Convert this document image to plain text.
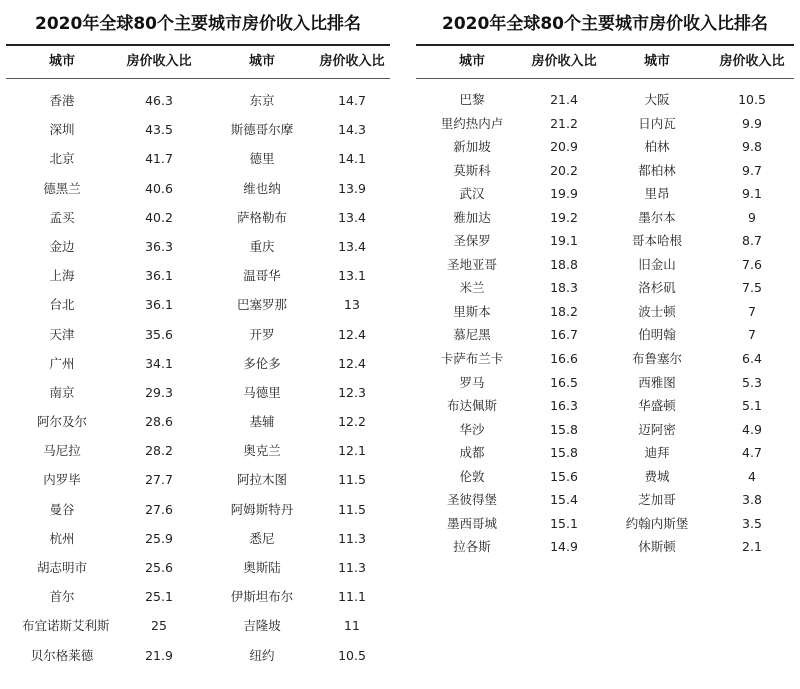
2020年全球80个主要城市房价收入比排名
城市	房价收入比	城市	房价收入比
香港	46.3	东京	14.7
深圳	43.5	斯德哥尔摩	14.3
北京	41.7	德里	14.1
德黑兰	40.6	维也纳	13.9
孟买	40.2	萨格勒布	13.4
金边	36.3	重庆	13.4
上海	36.1	温哥华	13.1
台北	36.1	巴塞罗那	13
天津	35.6	开罗	12.4
广州	34.1	多伦多	12.4
南京	29.3	马德里	12.3
阿尔及尔	28.6	基辅	12.2
马尼拉	28.2	奥克兰	12.1
内罗毕	27.7	阿拉木图	11.5
曼谷	27.6	阿姆斯特丹	11.5
杭州	25.9	悉尼	11.3
胡志明市	25.6	奥斯陆	11.3
首尔	25.1	伊斯坦布尔	11.1
布宜诺斯艾利斯	25	吉隆坡	11
贝尔格莱德	21.9	纽约	10.5
2020年全球80个主要城市房价收入比排名
城市	房价收入比	城市	房价收入比
巴黎	21.4	大阪	10.5
里约热内卢	21.2	日内瓦	9.9
新加坡	20.9	柏林	9.8
莫斯科	20.2	都柏林	9.7
武汉	19.9	里昂	9.1
雅加达	19.2	墨尔本	9
圣保罗	19.1	哥本哈根	8.7
圣地亚哥	18.8	旧金山	7.6
米兰	18.3	洛杉矶	7.5
里斯本	18.2	波士顿	7
慕尼黑	16.7	伯明翰	7
卡萨布兰卡	16.6	布鲁塞尔	6.4
罗马	16.5	西雅图	5.3
布达佩斯	16.3	华盛顿	5.1
华沙	15.8	迈阿密	4.9
成都	15.8	迪拜	4.7
伦敦	15.6	费城	4
圣彼得堡	15.4	芝加哥	3.8
墨西哥城	15.1	约翰内斯堡	3.5
拉各斯	14.9	休斯顿	2.1
